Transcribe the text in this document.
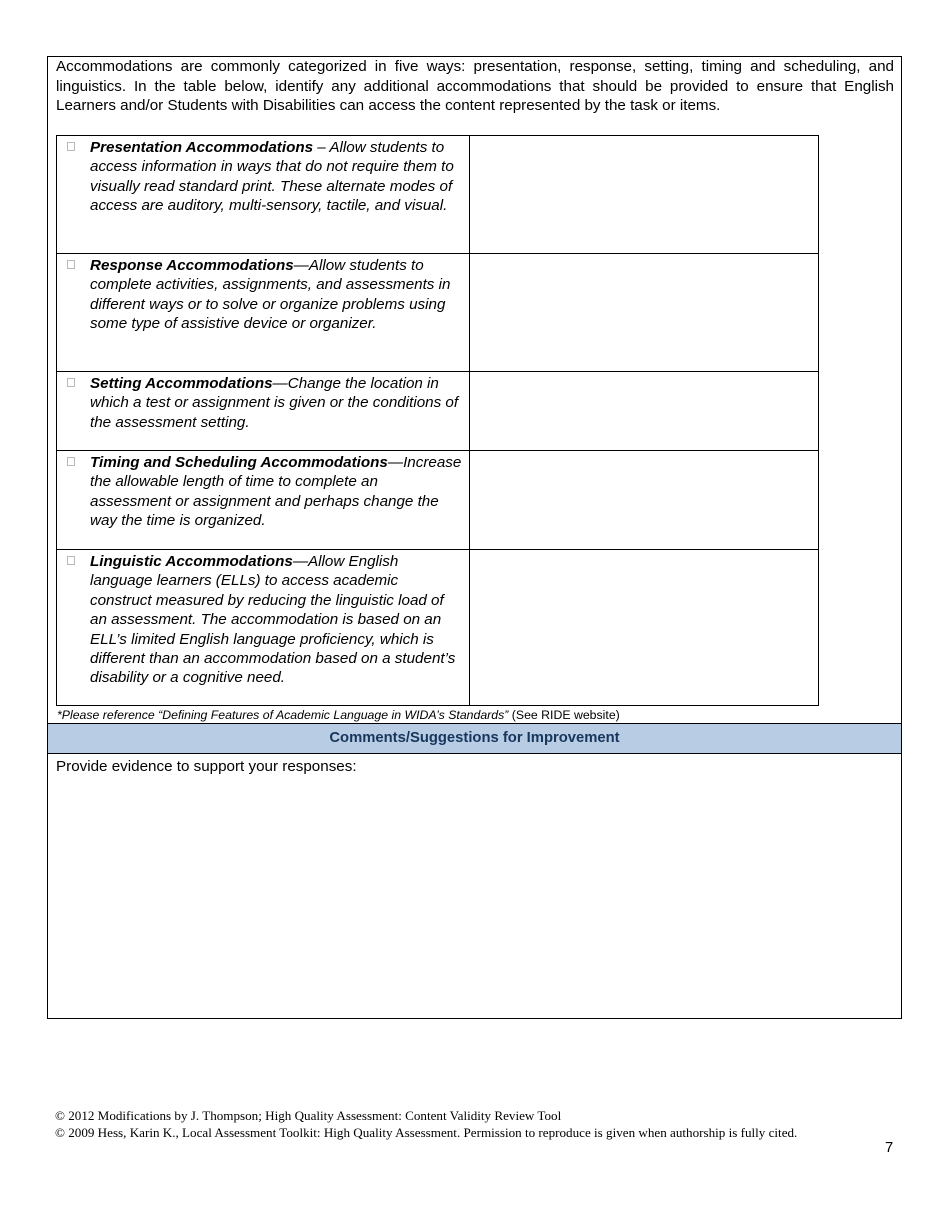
Accommodations are commonly categorized in five ways: presentation, response, setting, timing and scheduling, and linguistics. In the table below, identify any additional accommodations that should be provided to ensure that English Learners and/or Students with Disabilities can access the content represented by the task or items.
Presentation Accommodations – Allow students to access information in ways that do not require them to visually read standard print. These alternate modes of access are auditory, multi-sensory, tactile, and visual.	

Response Accommodations—Allow students to complete activities, assignments, and assessments in different ways or to solve or organize problems using some type of assistive device or organizer.	

Setting Accommodations—Change the location in which a test or assignment is given or the conditions of the assessment setting.	

Timing and Scheduling Accommodations—Increase the allowable length of time to complete an assessment or assignment and perhaps change the way the time is organized.	

Linguistic Accommodations—Allow English language learners (ELLs) to access academic construct measured by reducing the linguistic load of an assessment. The accommodation is based on an ELL’s limited English language proficiency, which is different than an accommodation based on a student’s disability or a cognitive need.	

*Please reference “Defining Features of Academic Language in WIDA’s Standards” (See RIDE website)
Comments/Suggestions for Improvement
Provide evidence to support your responses:
© 2012 Modifications by J. Thompson; High Quality Assessment: Content Validity Review Tool
© 2009 Hess, Karin K., Local Assessment Toolkit: High Quality Assessment. Permission to reproduce is given when authorship is fully cited.
7
